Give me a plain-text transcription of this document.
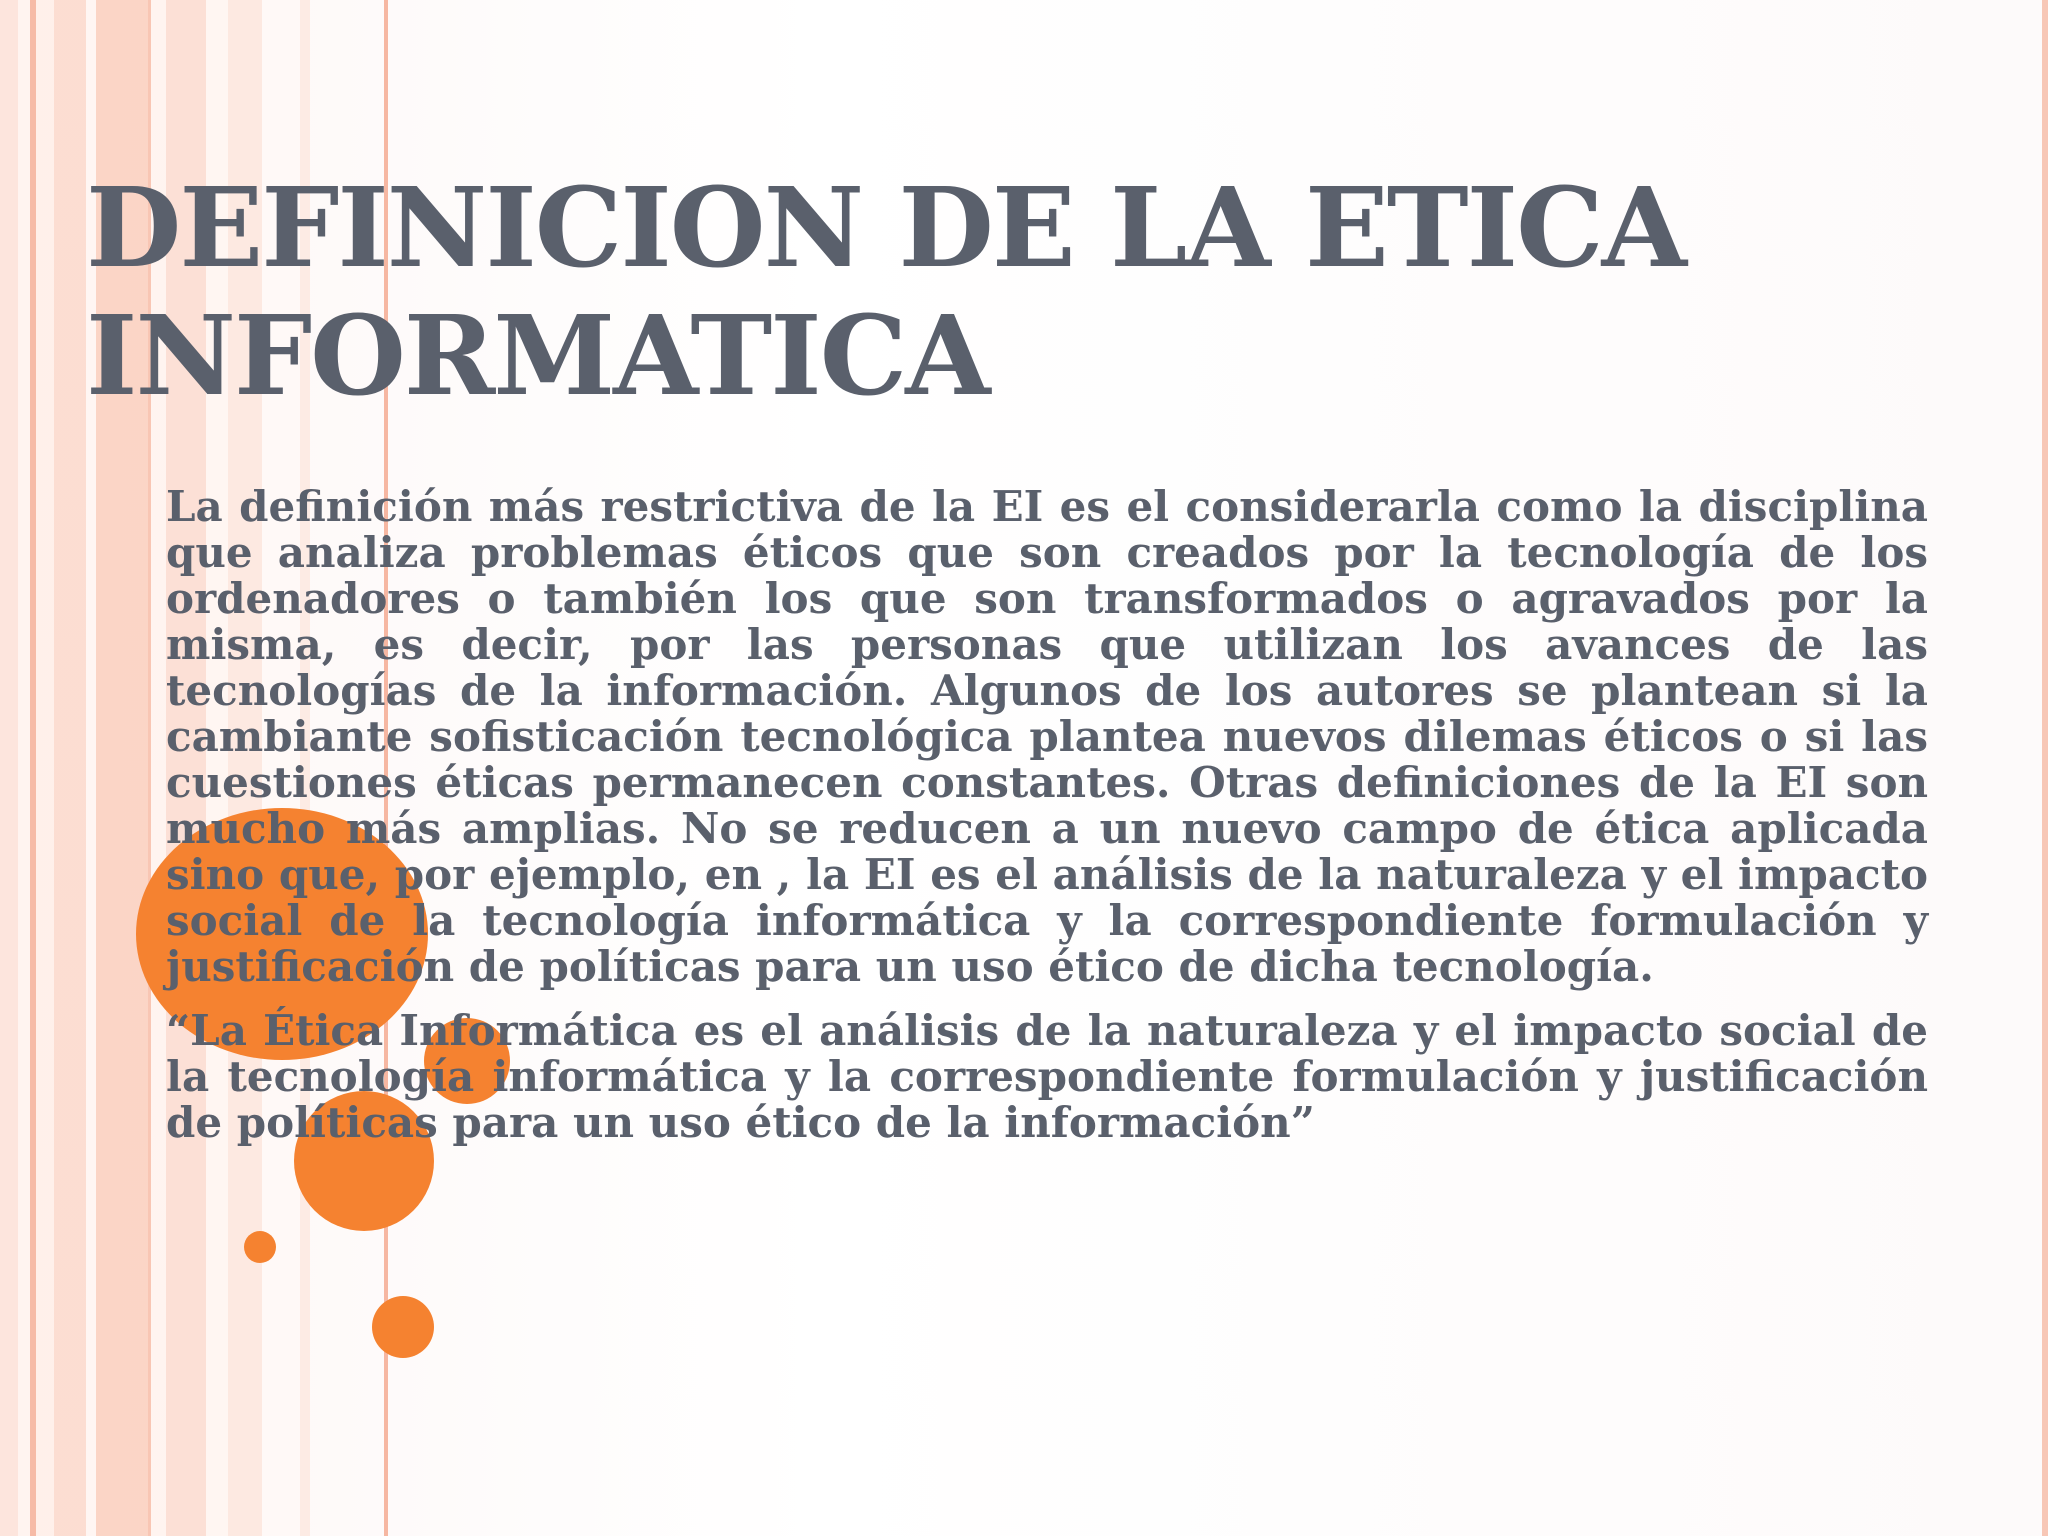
DEFINICION DE LA ETICA
INFORMATICA

La definición más restrictiva de la EI es el considerarla como la disciplina que analiza problemas éticos que son creados por la tecnología de los ordenadores o también los que son transformados o agravados por la misma, es decir, por las personas que utilizan los avances de las tecnologías de la información. Algunos de los autores se plantean si la cambiante sofisticación tecnológica plantea nuevos dilemas éticos o si las cuestiones éticas permanecen constantes. Otras definiciones de la EI son mucho más amplias. No se reducen a un nuevo campo de ética aplicada sino que, por ejemplo, en , la EI es el análisis de la naturaleza y el impacto social de la tecnología informática y la correspondiente formulación y justificación de políticas para un uso ético de dicha tecnología.

“La Ética Informática es el análisis de la naturaleza y el impacto social de la tecnología informática y la correspondiente formulación y justificación de políticas para un uso ético de la información”
